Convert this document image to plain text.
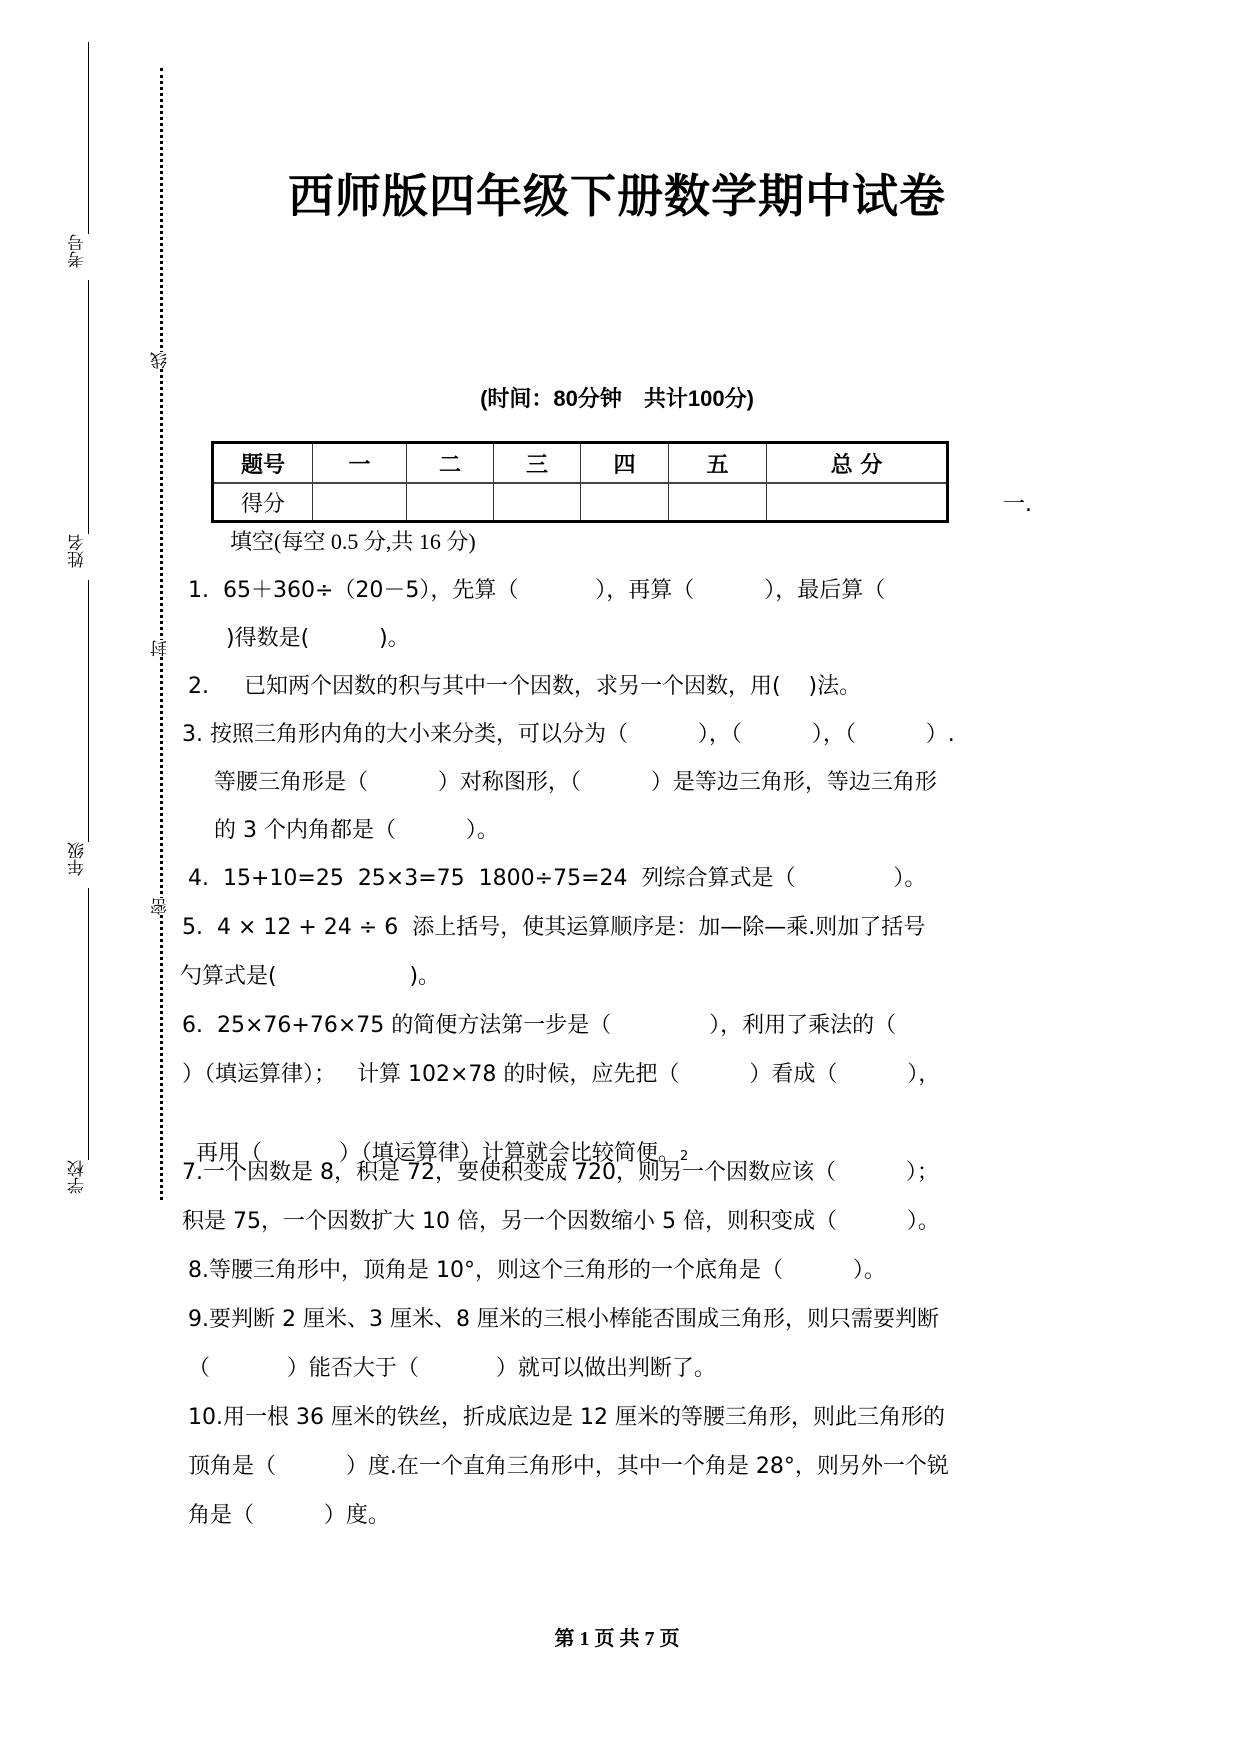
考号
姓名
年级
学校
线
封
密
西师版四年级下册数学期中试卷
(时间：80分钟　共计100分)
题号	一	二	三	四	五	总 分
得分							一.
填空(每空 0.5 分,共 16 分)
1.  65＋360÷（20－5），先算（           ），再算（          ），最后算（
)得数是(          )。
2.     已知两个因数的积与其中一个因数，求另一个因数，用(    )法。
3. 按照三角形内角的大小来分类，可以分为（          ），（          ），（          ）.
等腰三角形是（          ）对称图形，（          ）是等边三角形，等边三角形
的 3 个内角都是（          ）。
4.  15+10=25  25×3=75  1800÷75=24  列综合算式是（              ）。
5.  4 × 12 + 24 ÷ 6  添上括号，使其运算顺序是：加—除—乘.则加了括号
勺算式是(                   )。
6.  25×76+76×75 的简便方法第一步是（              ），利用了乘法的（
）（填运算律）；   计算 102×78 的时候，应先把（          ）看成（          ），

再用（           ）（填运算律）计算就会比较简便。2

7.一个因数是 8，积是 72，要使积变成 720，则另一个因数应该（          ）；
积是 75，一个因数扩大 10 倍，另一个因数缩小 5 倍，则积变成（          ）。
8.等腰三角形中，顶角是 10°，则这个三角形的一个底角是（          ）。
9.要判断 2 厘米、3 厘米、8 厘米的三根小棒能否围成三角形，则只需要判断
（           ）能否大于（           ）就可以做出判断了。
10.用一根 36 厘米的铁丝，折成底边是 12 厘米的等腰三角形，则此三角形的
顶角是（          ）度.在一个直角三角形中，其中一个角是 28°，则另外一个锐
角是（          ）度。
第 1 页 共 7 页
